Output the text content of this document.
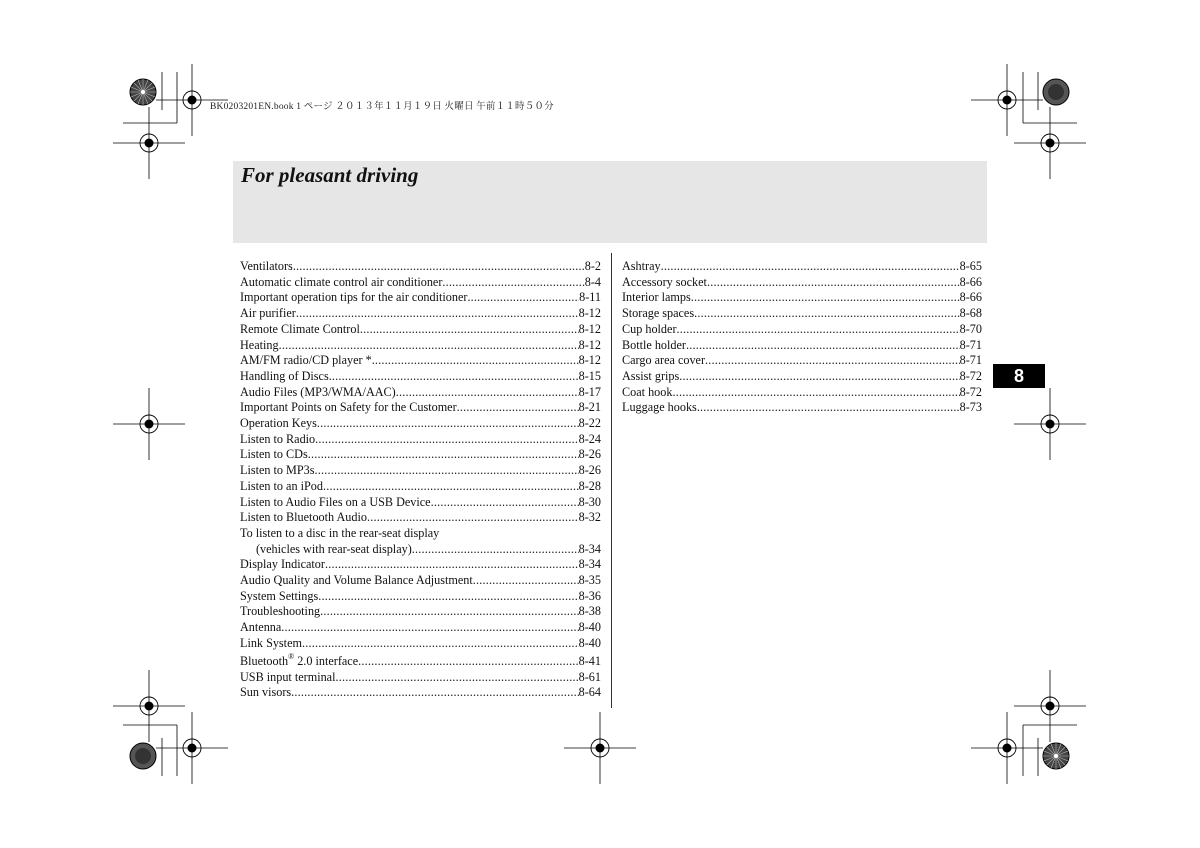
BK0203201EN.book 1 ページ ２０１３年１１月１９日 火曜日 午前１１時５０分
For pleasant driving
Ventilators .....	8-2
Automatic climate control air conditioner .....	8-4
Important operation tips for the air conditioner .....	8-11
Air purifier .....	8-12
Remote Climate Control .....	8-12
Heating .....	8-12
AM/FM radio/CD player * .....	8-12
Handling of Discs .....	8-15
Audio Files (MP3/WMA/AAC) .....	8-17
Important Points on Safety for the Customer .....	8-21
Operation Keys .....	8-22
Listen to Radio .....	8-24
Listen to CDs .....	8-26
Listen to MP3s .....	8-26
Listen to an iPod .....	8-28
Listen to Audio Files on a USB Device .....	8-30
Listen to Bluetooth Audio .....	8-32
To listen to a disc in the rear-seat display
(vehicles with rear-seat display) .....	8-34
Display Indicator .....	8-34
Audio Quality and Volume Balance Adjustment .....	8-35
System Settings .....	8-36
Troubleshooting .....	8-38
Antenna .....	8-40
Link System .....	8-40
Bluetooth® 2.0 interface .....	8-41
USB input terminal .....	8-61
Sun visors .....	8-64
Ashtray .....	8-65
Accessory socket .....	8-66
Interior lamps .....	8-66
Storage spaces .....	8-68
Cup holder .....	8-70
Bottle holder .....	8-71
Cargo area cover .....	8-71
Assist grips .....	8-72
Coat hook .....	8-72
Luggage hooks .....	8-73
8
